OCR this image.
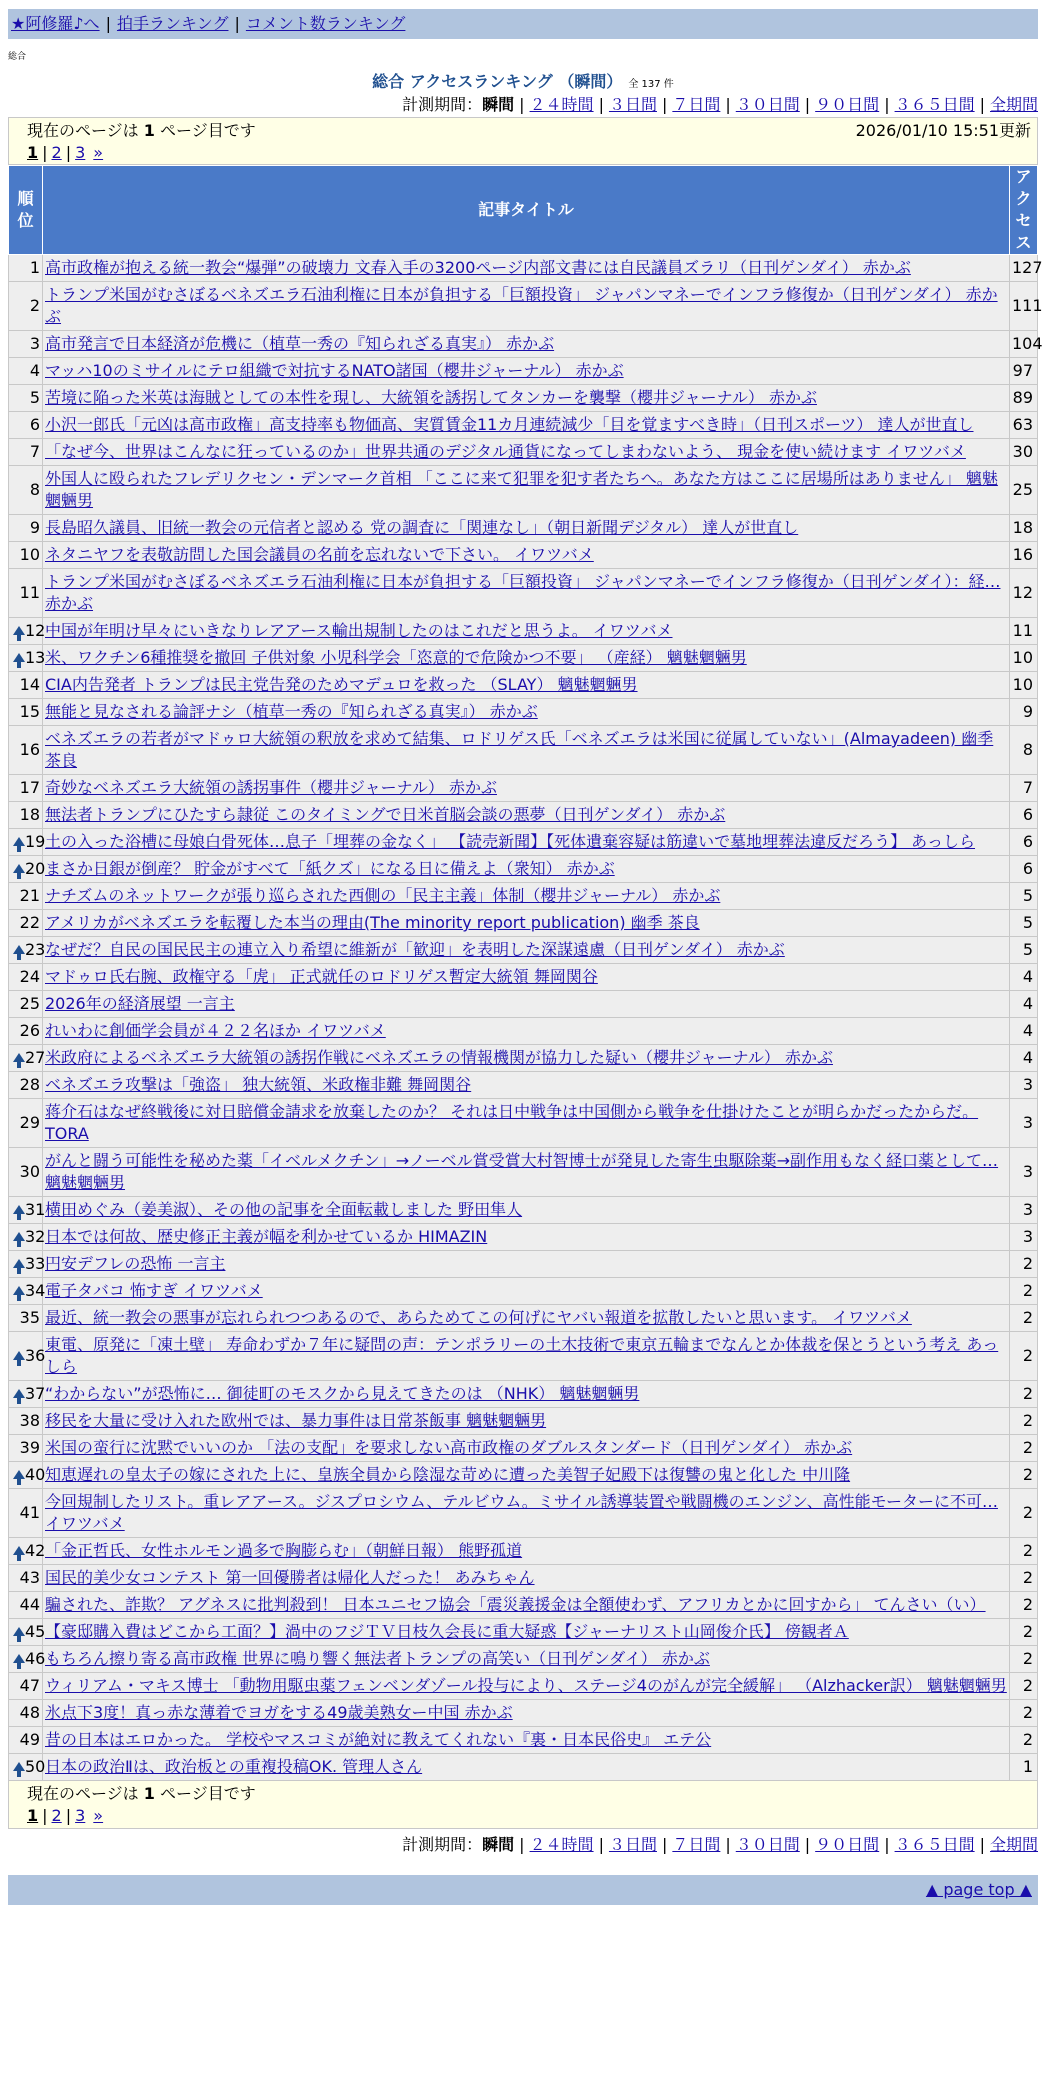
★阿修羅♪へ | 拍手ランキング | コメント数ランキング
総合
総合 アクセスランキング （瞬間） 全 137 件
計測期間：瞬間 | ２４時間 | ３日間 | ７日間 | ３０日間 | ９０日間 | ３６５日間 | 全期間
現在のページは 1 ページ目です	2026/01/10 15:51更新
1 | 2 | 3 »
順
位	記事タイトル	アク
セス
1	高市政権が抱える統一教会“爆弾”の破壊力 文春入手の3200ページ内部文書には自民議員ズラリ（日刊ゲンダイ） 赤かぶ	127
2	トランプ米国がむさぼるベネズエラ石油利権に日本が負担する「巨額投資」 ジャパンマネーでインフラ修復か（日刊ゲンダイ） 赤かぶ	111
3	高市発言で日本経済が危機に（植草一秀の『知られざる真実』） 赤かぶ	104
4	マッハ10のミサイルにテロ組織で対抗するNATO諸国（櫻井ジャーナル） 赤かぶ	97
5	苦境に陥った米英は海賊としての本性を現し、大統領を誘拐してタンカーを襲撃（櫻井ジャーナル） 赤かぶ	89
6	小沢一郎氏「元凶は高市政権」高支持率も物価高、実質賃金11カ月連続減少「目を覚ますべき時」（日刊スポーツ） 達人が世直し	63
7	「なぜ今、世界はこんなに狂っているのか」世界共通のデジタル通貨になってしまわないよう、 現金を使い続けます イワツバメ	30
8	外国人に殴られたフレデリクセン・デンマーク首相 「ここに来て犯罪を犯す者たちへ。あなた方はここに居場所はありません」 魑魅魍魎男	25
9	長島昭久議員、旧統一教会の元信者と認める 党の調査に「関連なし」（朝日新聞デジタル） 達人が世直し	18
10	ネタニヤフを表敬訪問した国会議員の名前を忘れないで下さい。 イワツバメ	16
11	トランプ米国がむさぼるベネズエラ石油利権に日本が負担する「巨額投資」 ジャパンマネーでインフラ修復か（日刊ゲンダイ）：経… 赤かぶ	12

12	中国が年明け早々にいきなりレアアース輸出規制したのはこれだと思うよ。 イワツバメ	11

13	米、ワクチン6種推奨を撤回 子供対象 小児科学会「恣意的で危険かつ不要」 （産経） 魑魅魍魎男	10
14	CIA内告発者 トランプは民主党告発のためマデュロを救った （SLAY） 魑魅魍魎男	10
15	無能と見なされる論評ナシ（植草一秀の『知られざる真実』） 赤かぶ	9
16	ベネズエラの若者がマドゥロ大統領の釈放を求めて結集、ロドリゲス氏「ベネズエラは米国に従属していない」(Almayadeen) 幽季 茶良	8
17	奇妙なベネズエラ大統領の誘拐事件（櫻井ジャーナル） 赤かぶ	7
18	無法者トランプにひたすら隷従 このタイミングで日米首脳会談の悪夢（日刊ゲンダイ） 赤かぶ	6

19	土の入った浴槽に母娘白骨死体…息子「埋葬の金なく」 【読売新聞】【死体遺棄容疑は筋違いで墓地埋葬法違反だろう】 あっしら	6

20	まさか日銀が倒産？ 貯金がすべて「紙クズ」になる日に備えよ（衆知） 赤かぶ	6
21	ナチズムのネットワークが張り巡らされた西側の「民主主義」体制（櫻井ジャーナル） 赤かぶ	5
22	アメリカがベネズエラを転覆した本当の理由(The minority report publication) 幽季 茶良	5

23	なぜだ？自民の国民民主の連立入り希望に維新が「歓迎」を表明した深謀遠慮（日刊ゲンダイ） 赤かぶ	5
24	マドゥロ氏右腕、政権守る「虎」 正式就任のロドリゲス暫定大統領 舞岡関谷	4
25	2026年の経済展望 一言主	4
26	れいわに創価学会員が４２２名ほか イワツバメ	4

27	米政府によるベネズエラ大統領の誘拐作戦にベネズエラの情報機関が協力した疑い（櫻井ジャーナル） 赤かぶ	4
28	ベネズエラ攻撃は「強盗」 独大統領、米政権非難 舞岡関谷	3
29	蒋介石はなぜ終戦後に対日賠償金請求を放棄したのか？ それは日中戦争は中国側から戦争を仕掛けたことが明らかだったからだ。 TORA	3
30	がんと闘う可能性を秘めた薬「イベルメクチン」→ノーベル賞受賞大村智博士が発見した寄生虫駆除薬→副作用もなく経口薬として… 魑魅魍魎男	3

31	横田めぐみ（姜美淑）、その他の記事を全面転載しました 野田隼人	3

32	日本では何故、歴史修正主義が幅を利かせているか HIMAZIN	3

33	円安デフレの恐怖 一言主	2

34	電子タバコ 怖すぎ イワツバメ	2
35	最近、統一教会の悪事が忘れられつつあるので、あらためてこの何げにヤバい報道を拡散したいと思います。 イワツバメ	2

36	東電、原発に「凍土壁」 寿命わずか７年に疑問の声：テンポラリーの土木技術で東京五輪までなんとか体裁を保とうという考え あっしら	2

37	“わからない”が恐怖に… 御徒町のモスクから見えてきたのは （NHK） 魑魅魍魎男	2
38	移民を大量に受け入れた欧州では、暴力事件は日常茶飯事 魑魅魍魎男	2
39	米国の蛮行に沈黙でいいのか 「法の支配」を要求しない高市政権のダブルスタンダード（日刊ゲンダイ） 赤かぶ	2

40	知恵遅れの皇太子の嫁にされた上に、皇族全員から陰湿な苛めに遭った美智子妃殿下は復讐の鬼と化した 中川隆	2
41	今回規制したリスト。重レアアース。ジスプロシウム、テルビウム。ミサイル誘導装置や戦闘機のエンジン、高性能モーターに不可… イワツバメ	2

42	「金正哲氏、女性ホルモン過多で胸膨らむ」（朝鮮日報） 熊野孤道	2
43	国民的美少女コンテスト 第一回優勝者は帰化人だった！ あみちゃん	2
44	騙された、詐欺？ アグネスに批判殺到！ 日本ユニセフ協会「震災義援金は全額使わず、アフリカとかに回すから」 てんさい（い）	2

45	【豪邸購入費はどこから工面？】渦中のフジＴＶ日枝久会長に重大疑惑【ジャーナリスト山岡俊介氏】 傍観者Ａ	2

46	もちろん擦り寄る高市政権 世界に鳴り響く無法者トランプの高笑い（日刊ゲンダイ） 赤かぶ	2
47	ウィリアム・マキス博士 「動物用駆虫薬フェンベンダゾール投与により、ステージ4のがんが完全緩解」 （Alzhacker訳） 魑魅魍魎男	2
48	氷点下3度！真っ赤な薄着でヨガをする49歳美熟女ー中国 赤かぶ	2
49	昔の日本はエロかった。 学校やマスコミが絶対に教えてくれない『裏・日本民俗史』 エテ公	2

50	日本の政治Ⅱは、政治板との重複投稿OK. 管理人さん	1
現在のページは 1 ページ目です
1 | 2 | 3 »
計測期間：瞬間 | ２４時間 | ３日間 | ７日間 | ３０日間 | ９０日間 | ３６５日間 | 全期間
▲ page top ▲
